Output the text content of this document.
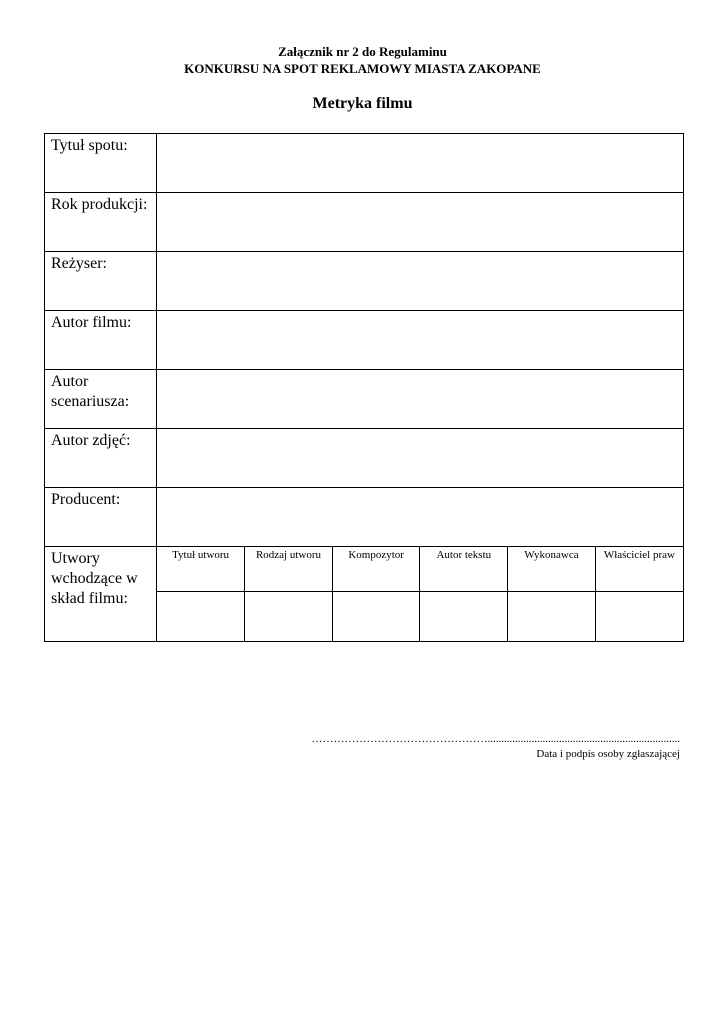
Załącznik nr 2 do Regulaminu
KONKURSU NA SPOT REKLAMOWY MIASTA ZAKOPANE
Metryka filmu
Tytuł spotu:	
Rok produkcji:	
Reżyser:	
Autor filmu:	
Autor scenariusza:	
Autor zdjęć:	
Producent:	
Utwory wchodzące w skład filmu:	
Tytuł utworu	Rodzaj utworu	Kompozytor	Autor tekstu	Wykonawca	Właściciel praw

…………………………………………......................................................................
Data i podpis osoby zgłaszającej
